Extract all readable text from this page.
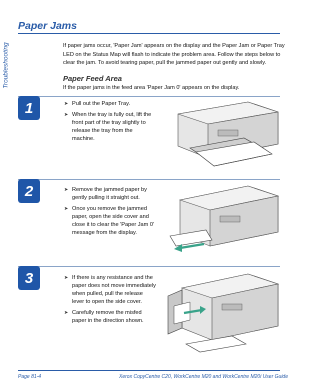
Troubleshooting
Paper Jams
If paper jams occur, 'Paper Jam' appears on the display and the Paper Jam or Paper Tray LED on the Status Map will flash to indicate the problem area. Follow the steps below to clear the jam. To avoid tearing paper, pull the jammed paper out gently and slowly.
Paper Feed Area
If the paper jams in the feed area 'Paper Jam 0' appears on the display.
1	➤ Pull out the Paper Tray.
➤ When the tray is fully out, lift the front part of the tray slightly to release the tray from the machine.
2	➤ Remove the jammed paper by gently pulling it straight out.
➤ Once you remove the jammed paper, open the side cover and close it to clear the 'Paper Jam 0' message from the display.
3	➤ If there is any resistance and the paper does not move immediately when pulled, pull the release lever to open the side cover.
➤ Carefully remove the misfed paper in the direction shown.
Page 81-4	Xerox CopyCentre C20, WorkCentre M20 and WorkCentre M20i User Guide
